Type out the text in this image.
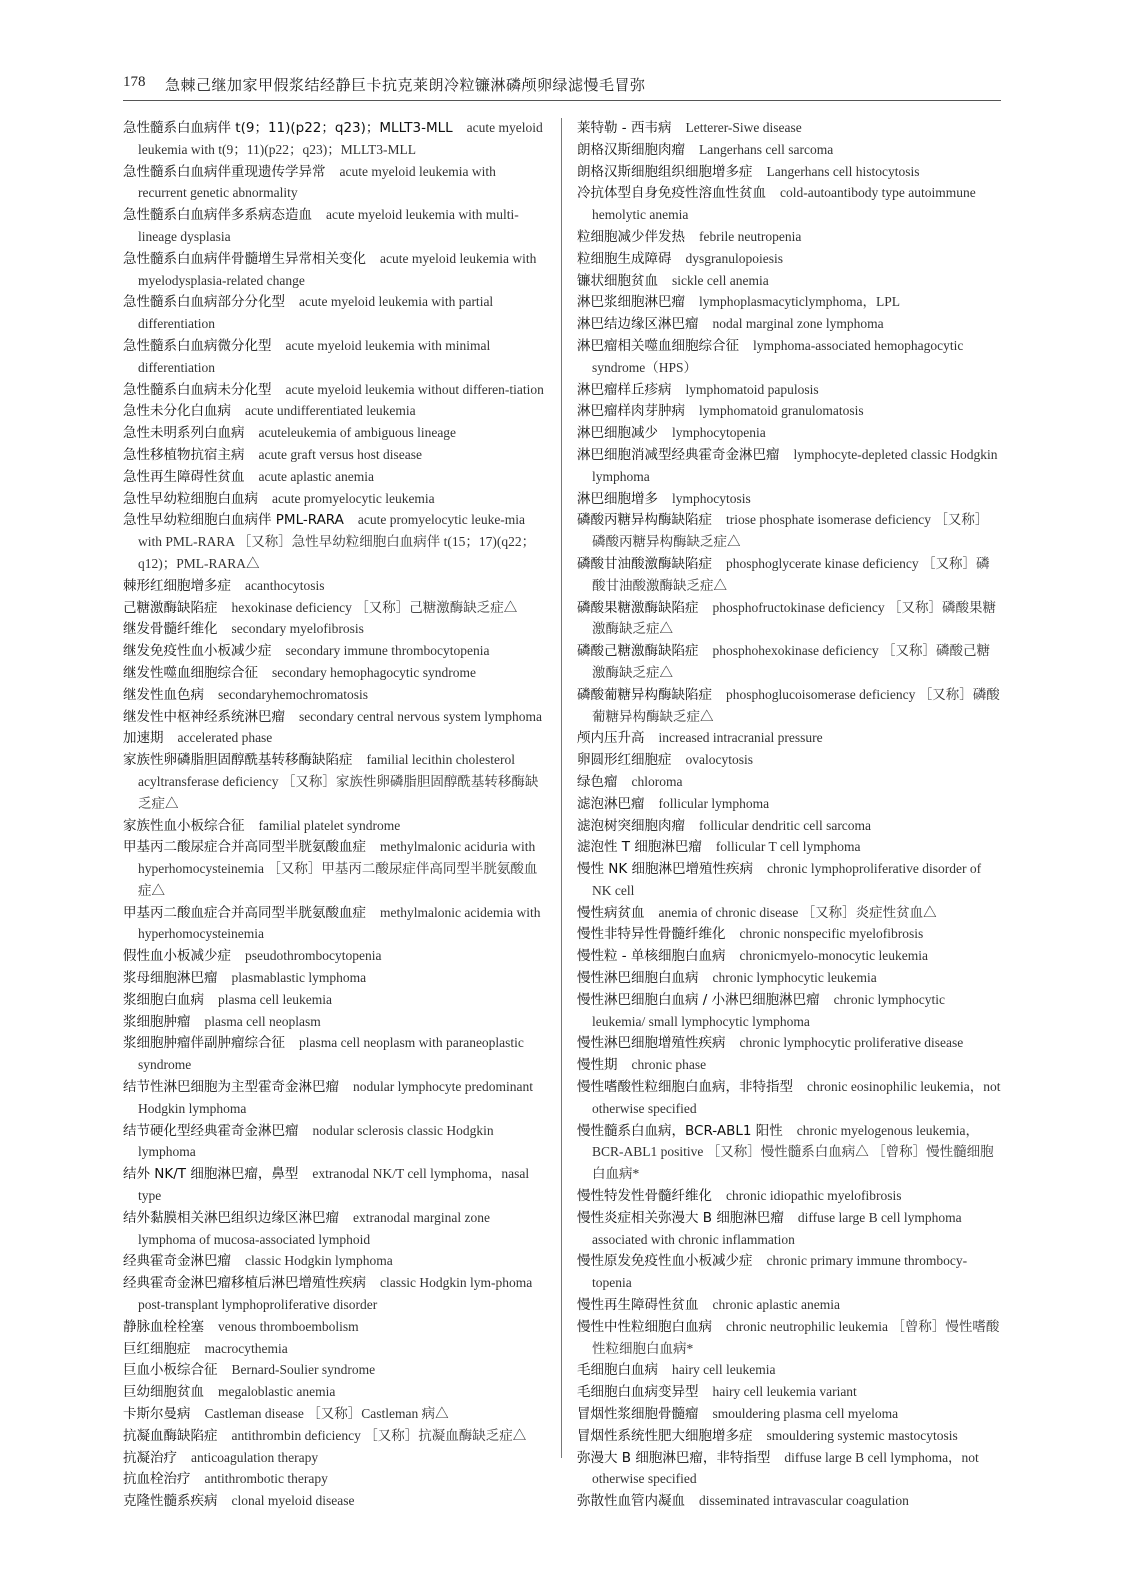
178 急棘己继加家甲假浆结经静巨卡抗克莱朗冷粒镰淋磷颅卵绿滤慢毛冒弥

急性髓系白血病伴 t(9；11)(p22；q23)；MLLT3-MLL acute myeloid leukemia with t(9；11)(p22；q23)；MLLT3-MLL

急性髓系白血病伴重现遗传学异常 acute myeloid leukemia with recurrent genetic abnormality

急性髓系白血病伴多系病态造血 acute myeloid leukemia with multi-lineage dysplasia

急性髓系白血病伴骨髓增生异常相关变化 acute myeloid leukemia with myelodysplasia-related change

急性髓系白血病部分分化型 acute myeloid leukemia with partial differentiation

急性髓系白血病微分化型 acute myeloid leukemia with minimal differentiation

急性髓系白血病未分化型 acute myeloid leukemia without differen-tiation

急性未分化白血病 acute undifferentiated leukemia

急性未明系列白血病 acuteleukemia of ambiguous lineage

急性移植物抗宿主病 acute graft versus host disease

急性再生障碍性贫血 acute aplastic anemia

急性早幼粒细胞白血病 acute promyelocytic leukemia

急性早幼粒细胞白血病伴 PML-RARA acute promyelocytic leuke-mia with PML-RARA ［又称］急性早幼粒细胞白血病伴 t(15；17)(q22；q12)；PML-RARA△

棘形红细胞增多症 acanthocytosis

己糖激酶缺陷症 hexokinase deficiency ［又称］己糖激酶缺乏症△

继发骨髓纤维化 secondary myelofibrosis

继发免疫性血小板减少症 secondary immune thrombocytopenia

继发性噬血细胞综合征 secondary hemophagocytic syndrome

继发性血色病 secondaryhemochromatosis

继发性中枢神经系统淋巴瘤 secondary central nervous system lymphoma

加速期 accelerated phase

家族性卵磷脂胆固醇酰基转移酶缺陷症 familial lecithin cholesterol acyltransferase deficiency ［又称］家族性卵磷脂胆固醇酰基转移酶缺乏症△

家族性血小板综合征 familial platelet syndrome

甲基丙二酸尿症合并高同型半胱氨酸血症 methylmalonic aciduria with hyperhomocysteinemia ［又称］甲基丙二酸尿症伴高同型半胱氨酸血症△

甲基丙二酸血症合并高同型半胱氨酸血症 methylmalonic acidemia with hyperhomocysteinemia

假性血小板减少症 pseudothrombocytopenia

浆母细胞淋巴瘤 plasmablastic lymphoma

浆细胞白血病 plasma cell leukemia

浆细胞肿瘤 plasma cell neoplasm

浆细胞肿瘤伴副肿瘤综合征 plasma cell neoplasm with paraneoplastic syndrome

结节性淋巴细胞为主型霍奇金淋巴瘤 nodular lymphocyte predominant Hodgkin lymphoma

结节硬化型经典霍奇金淋巴瘤 nodular sclerosis classic Hodgkin lymphoma

结外 NK/T 细胞淋巴瘤，鼻型 extranodal NK/T cell lymphoma，nasal type

结外黏膜相关淋巴组织边缘区淋巴瘤 extranodal marginal zone lymphoma of mucosa-associated lymphoid

经典霍奇金淋巴瘤 classic Hodgkin lymphoma

经典霍奇金淋巴瘤移植后淋巴增殖性疾病 classic Hodgkin lym-phoma post-transplant lymphoproliferative disorder

静脉血栓栓塞 venous thromboembolism

巨红细胞症 macrocythemia

巨血小板综合征 Bernard-Soulier syndrome

巨幼细胞贫血 megaloblastic anemia

卡斯尔曼病 Castleman disease ［又称］Castleman 病△

抗凝血酶缺陷症 antithrombin deficiency ［又称］抗凝血酶缺乏症△

抗凝治疗 anticoagulation therapy

抗血栓治疗 antithrombotic therapy

克隆性髓系疾病 clonal myeloid disease

莱特勒 - 西韦病 Letterer-Siwe disease

朗格汉斯细胞肉瘤 Langerhans cell sarcoma

朗格汉斯细胞组织细胞增多症 Langerhans cell histocytosis

冷抗体型自身免疫性溶血性贫血 cold-autoantibody type autoimmune hemolytic anemia

粒细胞减少伴发热 febrile neutropenia

粒细胞生成障碍 dysgranulopoiesis

镰状细胞贫血 sickle cell anemia

淋巴浆细胞淋巴瘤 lymphoplasmacyticlymphoma，LPL

淋巴结边缘区淋巴瘤 nodal marginal zone lymphoma

淋巴瘤相关噬血细胞综合征 lymphoma-associated hemophagocytic syndrome（HPS）

淋巴瘤样丘疹病 lymphomatoid papulosis

淋巴瘤样肉芽肿病 lymphomatoid granulomatosis

淋巴细胞减少 lymphocytopenia

淋巴细胞消减型经典霍奇金淋巴瘤 lymphocyte-depleted classic Hodgkin lymphoma

淋巴细胞增多 lymphocytosis

磷酸丙糖异构酶缺陷症 triose phosphate isomerase deficiency ［又称］磷酸丙糖异构酶缺乏症△

磷酸甘油酸激酶缺陷症 phosphoglycerate kinase deficiency ［又称］磷酸甘油酸激酶缺乏症△

磷酸果糖激酶缺陷症 phosphofructokinase deficiency ［又称］磷酸果糖激酶缺乏症△

磷酸己糖激酶缺陷症 phosphohexokinase deficiency ［又称］磷酸己糖激酶缺乏症△

磷酸葡糖异构酶缺陷症 phosphoglucoisomerase deficiency ［又称］磷酸葡糖异构酶缺乏症△

颅内压升高 increased intracranial pressure

卵圆形红细胞症 ovalocytosis

绿色瘤 chloroma

滤泡淋巴瘤 follicular lymphoma

滤泡树突细胞肉瘤 follicular dendritic cell sarcoma

滤泡性 T 细胞淋巴瘤 follicular T cell lymphoma

慢性 NK 细胞淋巴增殖性疾病 chronic lymphoproliferative disorder of NK cell

慢性病贫血 anemia of chronic disease ［又称］炎症性贫血△

慢性非特异性骨髓纤维化 chronic nonspecific myelofibrosis

慢性粒 - 单核细胞白血病 chronicmyelo-monocytic leukemia

慢性淋巴细胞白血病 chronic lymphocytic leukemia

慢性淋巴细胞白血病 / 小淋巴细胞淋巴瘤 chronic lymphocytic leukemia/ small lymphocytic lymphoma

慢性淋巴细胞增殖性疾病 chronic lymphocytic proliferative disease

慢性期 chronic phase

慢性嗜酸性粒细胞白血病，非特指型 chronic eosinophilic leukemia，not otherwise specified

慢性髓系白血病，BCR-ABL1 阳性 chronic myelogenous leukemia，BCR-ABL1 positive ［又称］慢性髓系白血病△ ［曾称］慢性髓细胞白血病*

慢性特发性骨髓纤维化 chronic idiopathic myelofibrosis

慢性炎症相关弥漫大 B 细胞淋巴瘤 diffuse large B cell lymphoma associated with chronic inflammation

慢性原发免疫性血小板减少症 chronic primary immune thrombocy-topenia

慢性再生障碍性贫血 chronic aplastic anemia

慢性中性粒细胞白血病 chronic neutrophilic leukemia ［曾称］慢性嗜酸性粒细胞白血病*

毛细胞白血病 hairy cell leukemia

毛细胞白血病变异型 hairy cell leukemia variant

冒烟性浆细胞骨髓瘤 smouldering plasma cell myeloma

冒烟性系统性肥大细胞增多症 smouldering systemic mastocytosis

弥漫大 B 细胞淋巴瘤，非特指型 diffuse large B cell lymphoma，not otherwise specified

弥散性血管内凝血 disseminated intravascular coagulation
